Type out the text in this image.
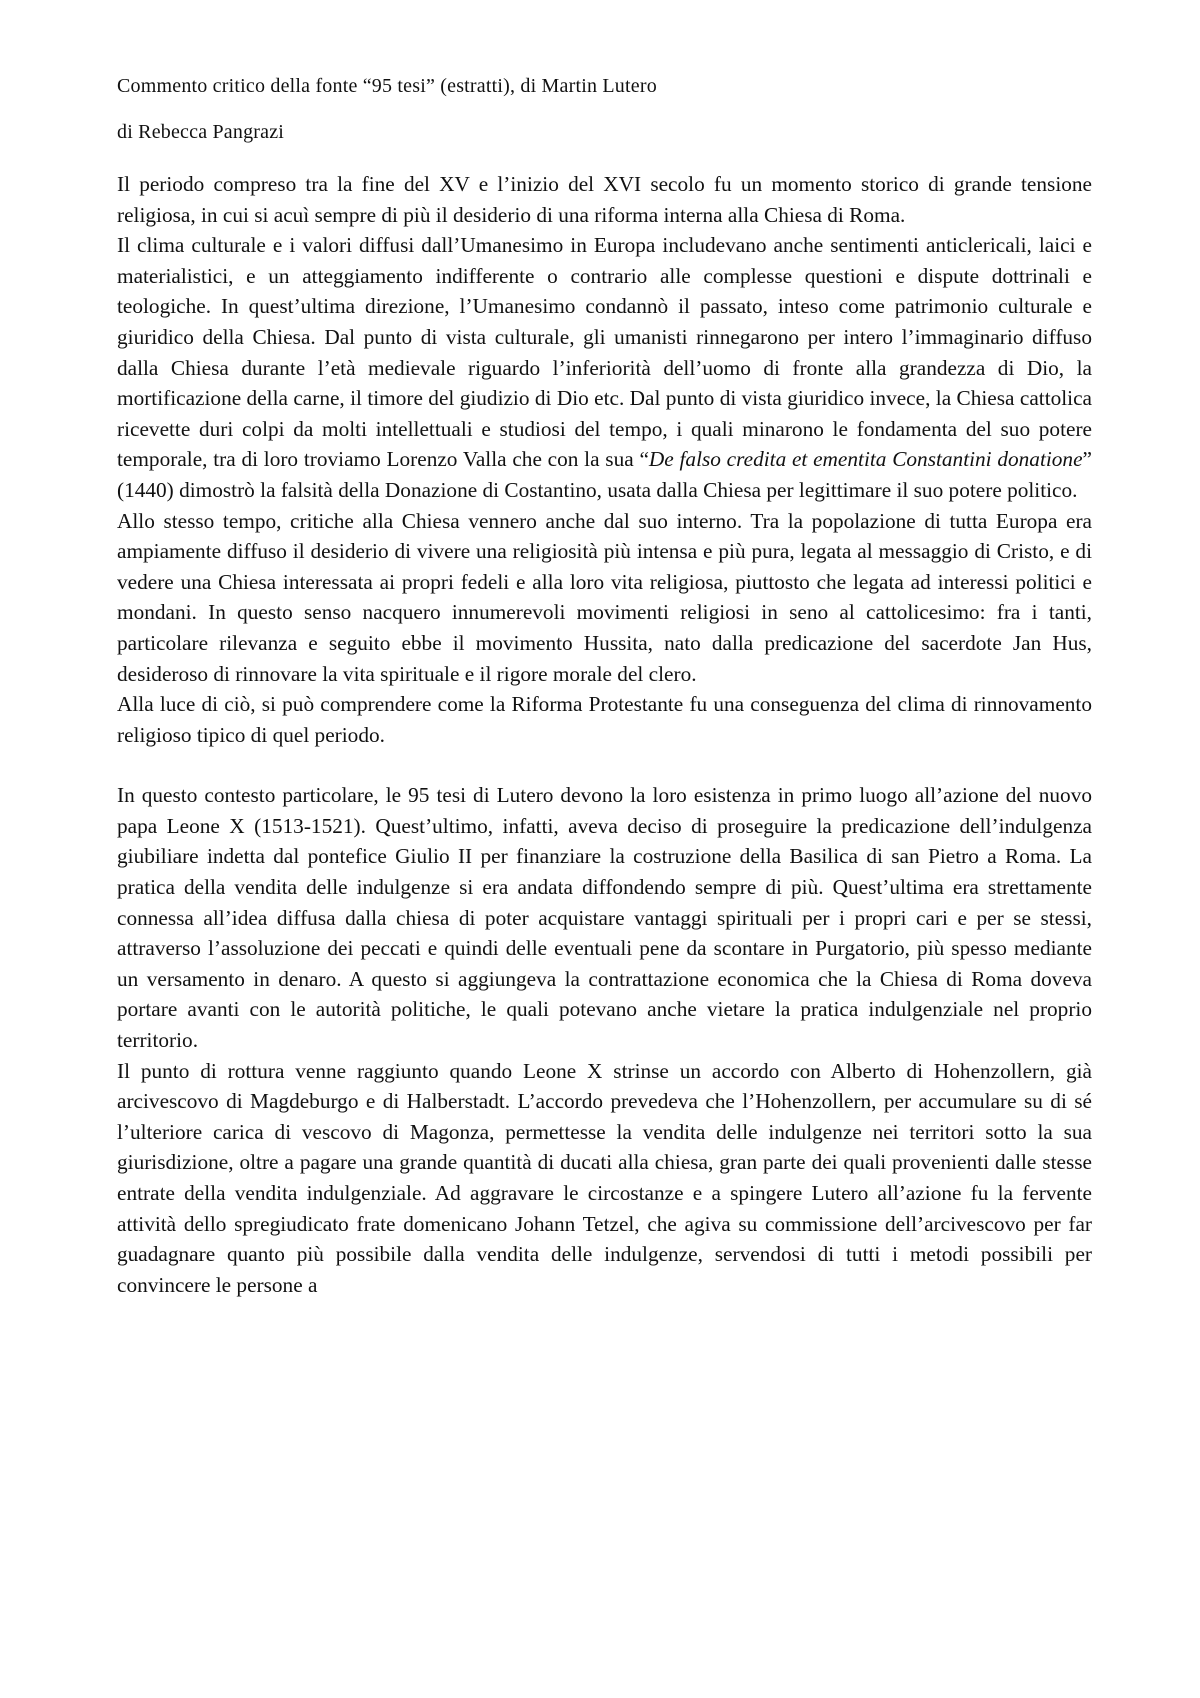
Commento critico della fonte “95 tesi” (estratti), di Martin Lutero

di Rebecca Pangrazi

Il periodo compreso tra la fine del XV e l’inizio del XVI secolo fu un momento storico di grande tensione religiosa, in cui si acuì sempre di più il desiderio di una riforma interna alla Chiesa di Roma.

Il clima culturale e i valori diffusi dall’Umanesimo in Europa includevano anche sentimenti anticlericali, laici e materialistici, e un atteggiamento indifferente o contrario alle complesse questioni e dispute dottrinali e teologiche. In quest’ultima direzione, l’Umanesimo condannò il passato, inteso come patrimonio culturale e giuridico della Chiesa. Dal punto di vista culturale, gli umanisti rinnegarono per intero l’immaginario diffuso dalla Chiesa durante l’età medievale riguardo l’inferiorità dell’uomo di fronte alla grandezza di Dio, la mortificazione della carne, il timore del giudizio di Dio etc. Dal punto di vista giuridico invece, la Chiesa cattolica ricevette duri colpi da molti intellettuali e studiosi del tempo, i quali minarono le fondamenta del suo potere temporale, tra di loro troviamo Lorenzo Valla che con la sua “De falso credita et ementita Constantini donatione” (1440) dimostrò la falsità della Donazione di Costantino, usata dalla Chiesa per legittimare il suo potere politico.

Allo stesso tempo, critiche alla Chiesa vennero anche dal suo interno. Tra la popolazione di tutta Europa era ampiamente diffuso il desiderio di vivere una religiosità più intensa e più pura, legata al messaggio di Cristo, e di vedere una Chiesa interessata ai propri fedeli e alla loro vita religiosa, piuttosto che legata ad interessi politici e mondani. In questo senso nacquero innumerevoli movimenti religiosi in seno al cattolicesimo: fra i tanti, particolare rilevanza e seguito ebbe il movimento Hussita, nato dalla predicazione del sacerdote Jan Hus, desideroso di rinnovare la vita spirituale e il rigore morale del clero.

Alla luce di ciò, si può comprendere come la Riforma Protestante fu una conseguenza del clima di rinnovamento religioso tipico di quel periodo.

In questo contesto particolare, le 95 tesi di Lutero devono la loro esistenza in primo luogo all’azione del nuovo papa Leone X (1513-1521). Quest’ultimo, infatti, aveva deciso di proseguire la predicazione dell’indulgenza giubiliare indetta dal pontefice Giulio II per finanziare la costruzione della Basilica di san Pietro a Roma. La pratica della vendita delle indulgenze si era andata diffondendo sempre di più. Quest’ultima era strettamente connessa all’idea diffusa dalla chiesa di poter acquistare vantaggi spirituali per i propri cari e per se stessi, attraverso l’assoluzione dei peccati e quindi delle eventuali pene da scontare in Purgatorio, più spesso mediante un versamento in denaro. A questo si aggiungeva la contrattazione economica che la Chiesa di Roma doveva portare avanti con le autorità politiche, le quali potevano anche vietare la pratica indulgenziale nel proprio territorio.

Il punto di rottura venne raggiunto quando Leone X strinse un accordo con Alberto di Hohenzollern, già arcivescovo di Magdeburgo e di Halberstadt. L’accordo prevedeva che l’Hohenzollern, per accumulare su di sé l’ulteriore carica di vescovo di Magonza, permettesse la vendita delle indulgenze nei territori sotto la sua giurisdizione, oltre a pagare una grande quantità di ducati alla chiesa, gran parte dei quali provenienti dalle stesse entrate della vendita indulgenziale. Ad aggravare le circostanze e a spingere Lutero all’azione fu la fervente attività dello spregiudicato frate domenicano Johann Tetzel, che agiva su commissione dell’arcivescovo per far guadagnare quanto più possibile dalla vendita delle indulgenze, servendosi di tutti i metodi possibili per convincere le persone a
